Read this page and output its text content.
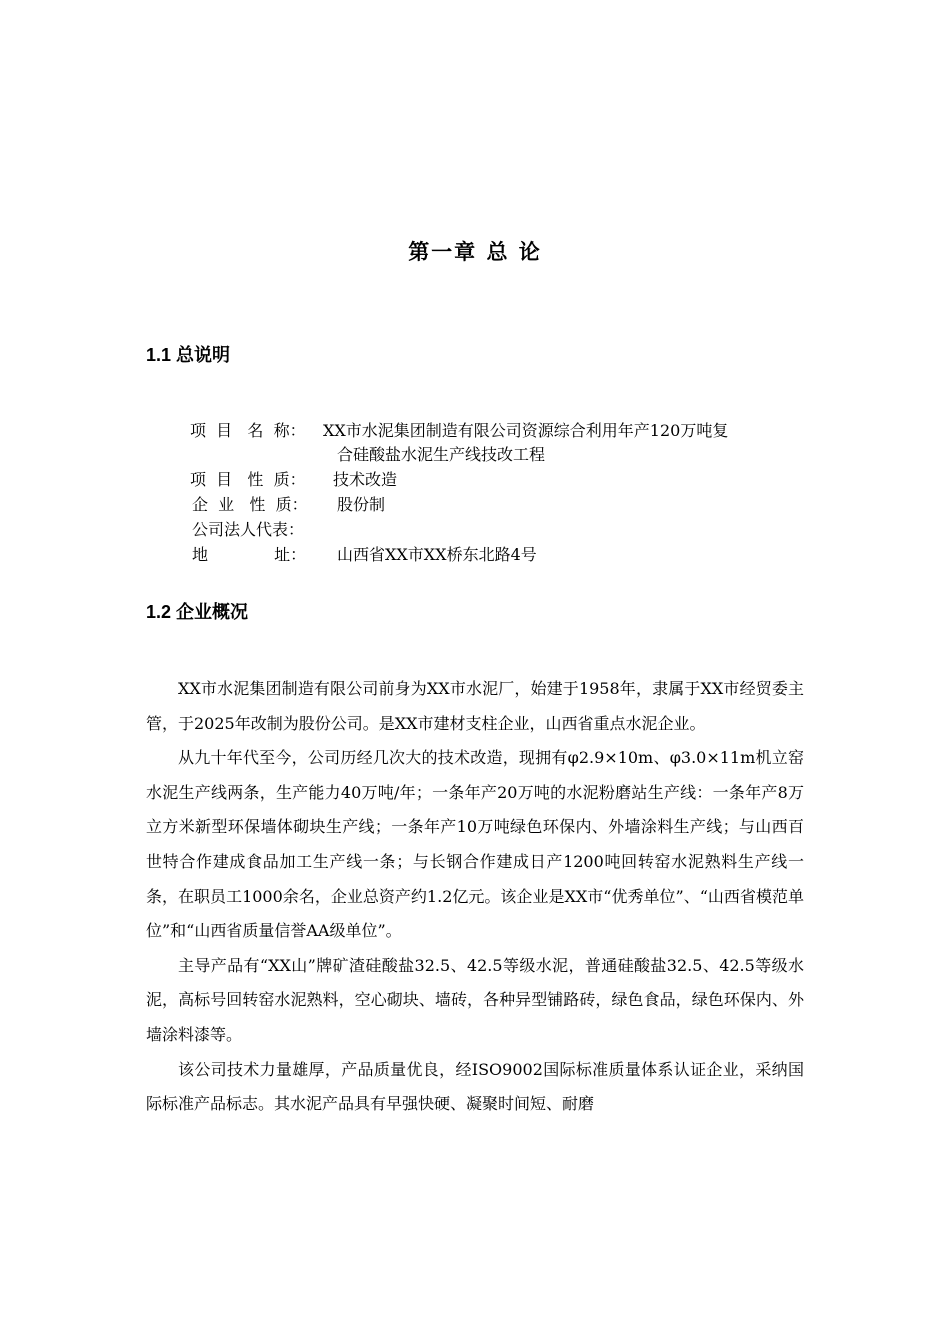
第一章 总 论
1.1 总说明
项  目   名  称： XX市水泥集团制造有限公司资源综合利用年产120万吨复
合硅酸盐水泥生产线技改工程
项  目   性  质： 技术改造
企  业   性  质： 股份制
公司法人代表：
地             址： 山西省XX市XX桥东北路4号
1.2 企业概况

XX市水泥集团制造有限公司前身为XX市水泥厂，始建于1958年，隶属于XX市经贸委主管，于2025年改制为股份公司。是XX市建材支柱企业，山西省重点水泥企业。

从九十年代至今，公司历经几次大的技术改造，现拥有φ2.9×10m、φ3.0×11m机立窑水泥生产线两条，生产能力40万吨/年；一条年产20万吨的水泥粉磨站生产线：一条年产8万立方米新型环保墙体砌块生产线；一条年产10万吨绿色环保内、外墙涂料生产线；与山西百世特合作建成食品加工生产线一条；与长钢合作建成日产1200吨回转窑水泥熟料生产线一条，在职员工1000余名，企业总资产约1.2亿元。该企业是XX市“优秀单位”、“山西省模范单位”和“山西省质量信誉AA级单位”。

主导产品有“XX山”牌矿渣硅酸盐32.5、42.5等级水泥，普通硅酸盐32.5、42.5等级水泥，高标号回转窑水泥熟料，空心砌块、墙砖，各种异型铺路砖，绿色食品，绿色环保内、外墙涂料漆等。

该公司技术力量雄厚，产品质量优良，经ISO9002国际标准质量体系认证企业，采纳国际标准产品标志。其水泥产品具有早强快硬、凝聚时间短、耐磨
